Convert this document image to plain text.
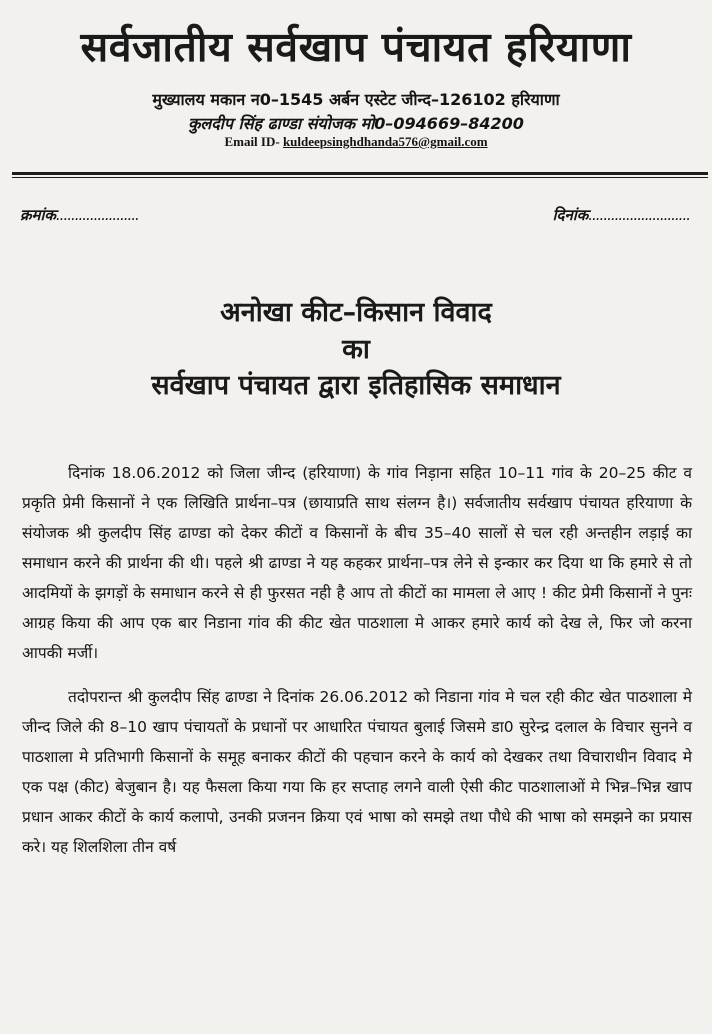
सर्वजातीय सर्वखाप पंचायत हरियाणा
मुख्यालय मकान न0–1545 अर्बन एस्टेट जीन्द–126102 हरियाणा
कुलदीप सिंह ढाण्डा संयोजक मो0–094669–84200
Email ID- kuldeepsinghdhanda576@gmail.com
क्रमांक......................	दिनांक...........................
अनोखा कीट–किसान विवाद
का
सर्वखाप पंचायत द्वारा इतिहासिक समाधान

दिनांक 18.06.2012 को जिला जीन्द (हरियाणा) के गांव निड़ाना सहित 10–11 गांव के 20–25 कीट व प्रकृति प्रेमी किसानों ने एक लिखिति प्रार्थना–पत्र (छायाप्रति साथ संलग्न है।) सर्वजातीय सर्वखाप पंचायत हरियाणा के संयोजक श्री कुलदीप सिंह ढाण्डा को देकर कीटों व किसानों के बीच 35–40 सालों से चल रही अन्तहीन लड़ाई का समाधान करने की प्रार्थना की थी। पहले श्री ढाण्डा ने यह कहकर प्रार्थना–पत्र लेने से इन्कार कर दिया था कि हमारे से तो आदमियों के झगड़ों के समाधान करने से ही फुरसत नही है आप तो कीटों का मामला ले आए ! कीट प्रेमी किसानों ने पुनः आग्रह किया की आप एक बार निडाना गांव की कीट खेत पाठशाला मे आकर हमारे कार्य को देख ले, फिर जो करना आपकी मर्जी।

तदोपरान्त श्री कुलदीप सिंह ढाण्डा ने दिनांक 26.06.2012 को निडाना गांव मे चल रही कीट खेत पाठशाला मे जीन्द जिले की 8–10 खाप पंचायतों के प्रधानों पर आधारित पंचायत बुलाई जिसमे डा0 सुरेन्द्र दलाल के विचार सुनने व पाठशाला मे प्रतिभागी किसानों के समूह बनाकर कीटों की पहचान करने के कार्य को देखकर तथा विचाराधीन विवाद मे एक पक्ष (कीट) बेजुबान है। यह फैसला किया गया कि हर सप्ताह लगने वाली ऐसी कीट पाठशालाओं मे भिन्न–भिन्न खाप प्रधान आकर कीटों के कार्य कलापो, उनकी प्रजनन क्रिया एवं भाषा को समझे तथा पौधे की भाषा को समझने का प्रयास करे। यह शिलशिला तीन वर्ष
